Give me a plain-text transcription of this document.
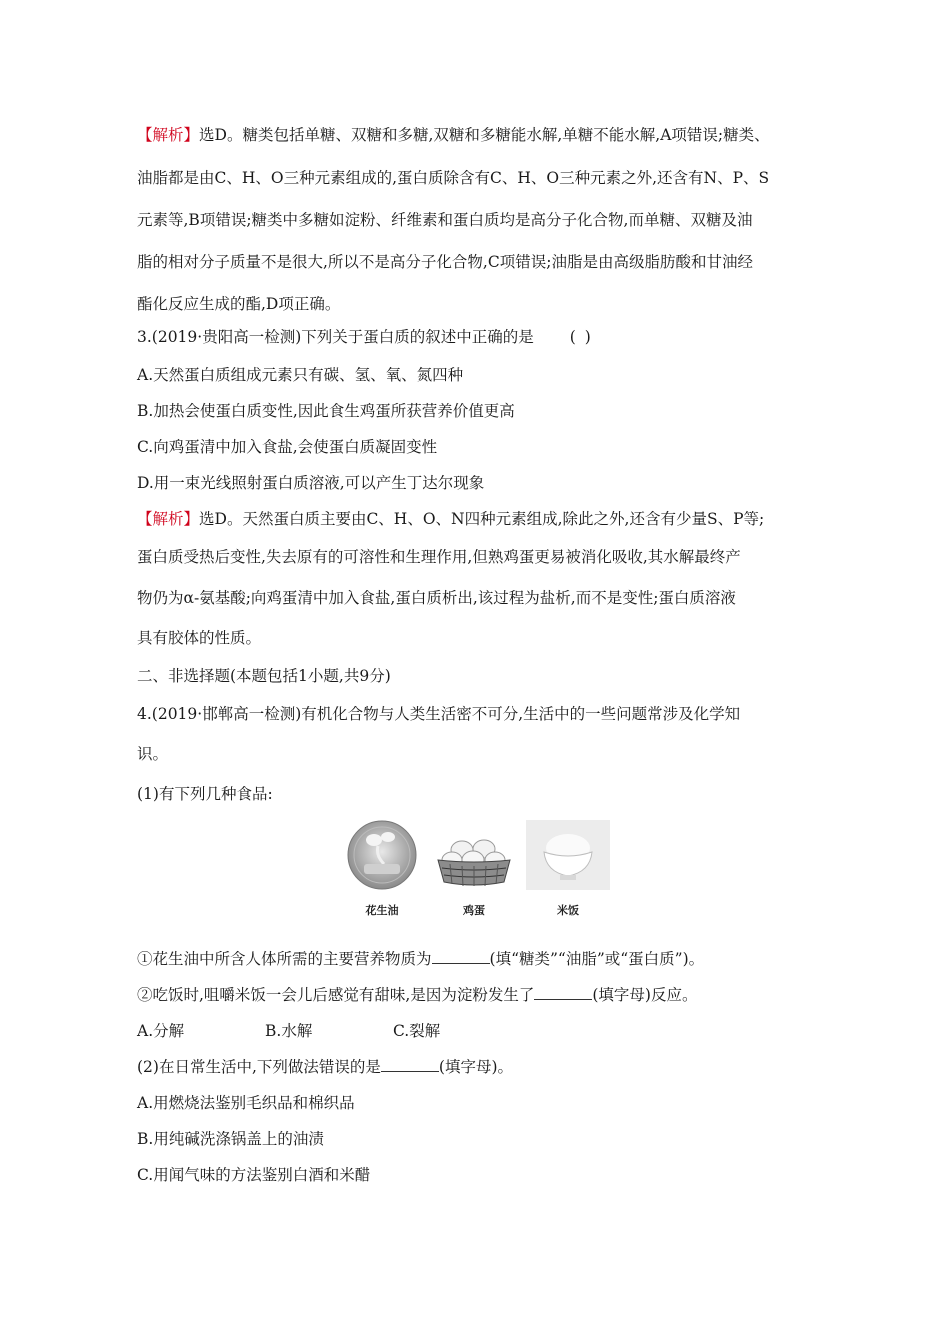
【解析】选D。糖类包括单糖、双糖和多糖,双糖和多糖能水解,单糖不能水解,A项错误;糖类、
油脂都是由C、H、O三种元素组成的,蛋白质除含有C、H、O三种元素之外,还含有N、P、S
元素等,B项错误;糖类中多糖如淀粉、纤维素和蛋白质均是高分子化合物,而单糖、双糖及油
脂的相对分子质量不是很大,所以不是高分子化合物,C项错误;油脂是由高级脂肪酸和甘油经
酯化反应生成的酯,D项正确。
3.(2019·贵阳高一检测)下列关于蛋白质的叙述中正确的是 ( )
A.天然蛋白质组成元素只有碳、氢、氧、氮四种
B.加热会使蛋白质变性,因此食生鸡蛋所获营养价值更高
C.向鸡蛋清中加入食盐,会使蛋白质凝固变性
D.用一束光线照射蛋白质溶液,可以产生丁达尔现象
【解析】选D。天然蛋白质主要由C、H、O、N四种元素组成,除此之外,还含有少量S、P等;
蛋白质受热后变性,失去原有的可溶性和生理作用,但熟鸡蛋更易被消化吸收,其水解最终产
物仍为α-氨基酸;向鸡蛋清中加入食盐,蛋白质析出,该过程为盐析,而不是变性;蛋白质溶液
具有胶体的性质。
二、非选择题(本题包括1小题,共9分)
4.(2019·邯郸高一检测)有机化合物与人类生活密不可分,生活中的一些问题常涉及化学知
识。
(1)有下列几种食品:
花生油	鸡蛋	米饭
①花生油中所含人体所需的主要营养物质为	(填“糖类”“油脂”或“蛋白质”)。
②吃饭时,咀嚼米饭一会儿后感觉有甜味,是因为淀粉发生了	(填字母)反应。
A.分解	B.水解	C.裂解
(2)在日常生活中,下列做法错误的是	(填字母)。
A.用燃烧法鉴别毛织品和棉织品
B.用纯碱洗涤锅盖上的油渍
C.用闻气味的方法鉴别白酒和米醋
